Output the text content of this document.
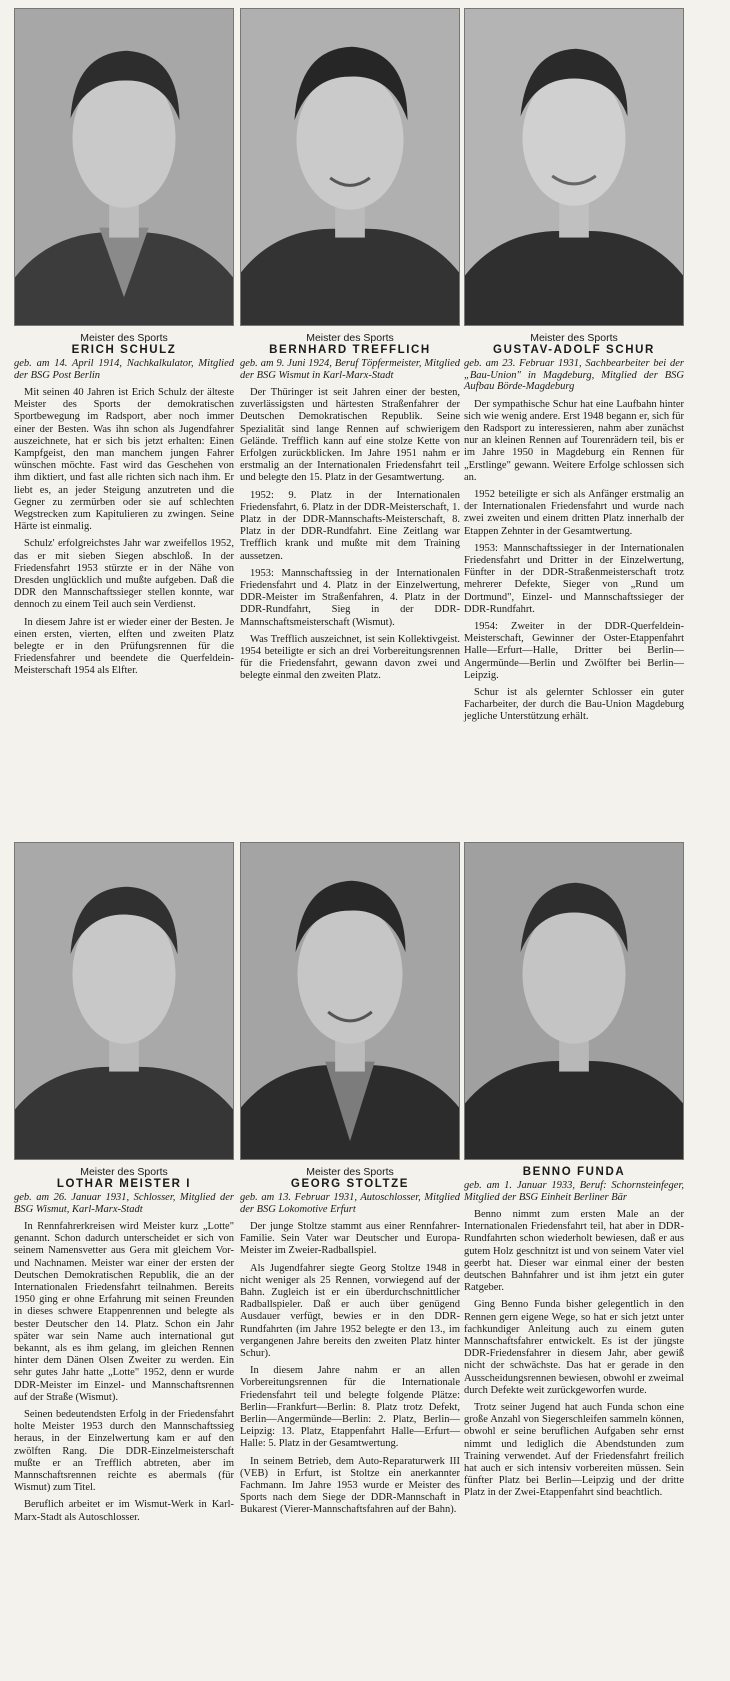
Meister des Sports
ERICH SCHULZ
geb. am 14. April 1914, Nachkalkulator, Mitglied der BSG Post Berlin

Mit seinen 40 Jahren ist Erich Schulz der älteste Meister des Sports der demokratischen Sportbewegung im Radsport, aber noch immer einer der Besten. Was ihn schon als Jugendfahrer auszeichnete, hat er sich bis jetzt erhalten: Einen Kampfgeist, den man manchem jungen Fahrer wünschen möchte. Fast wird das Geschehen von ihm diktiert, und fast alle richten sich nach ihm. Er liebt es, an jeder Steigung anzutreten und die Gegner zu zermürben oder sie auf schlechten Wegstrecken zum Kapitulieren zu zwingen. Seine Härte ist einmalig.

Schulz' erfolgreichstes Jahr war zweifellos 1952, das er mit sieben Siegen abschloß. In der Friedensfahrt 1953 stürzte er in der Nähe von Dresden unglücklich und mußte aufgeben. Daß die DDR den Mannschaftssieger stellen konnte, war dennoch zu einem Teil auch sein Verdienst.

In diesem Jahre ist er wieder einer der Besten. Je einen ersten, vierten, elften und zweiten Platz belegte er in den Prüfungsrennen für die Friedensfahrer und beendete die Querfeldein-Meisterschaft 1954 als Elfter.

Meister des Sports
BERNHARD TREFFLICH
geb. am 9. Juni 1924, Beruf Töpfermeister, Mitglied der BSG Wismut in Karl-Marx-Stadt

Der Thüringer ist seit Jahren einer der besten, zuverlässigsten und härtesten Straßenfahrer der Deutschen Demokratischen Republik. Seine Spezialität sind lange Rennen auf schwierigem Gelände. Trefflich kann auf eine stolze Kette von Erfolgen zurückblicken. Im Jahre 1951 nahm er erstmalig an der Internationalen Friedensfahrt teil und belegte den 15. Platz in der Gesamtwertung.

1952: 9. Platz in der Internationalen Friedensfahrt, 6. Platz in der DDR-Meisterschaft, 1. Platz in der DDR-Mannschafts-Meisterschaft, 8. Platz in der DDR-Rundfahrt. Eine Zeitlang war Trefflich krank und mußte mit dem Training aussetzen.

1953: Mannschaftssieg in der Internationalen Friedensfahrt und 4. Platz in der Einzelwertung, DDR-Meister im Straßenfahren, 4. Platz in der DDR-Rundfahrt, Sieg in der DDR-Mannschaftsmeisterschaft (Wismut).

Was Trefflich auszeichnet, ist sein Kollektivgeist. 1954 beteiligte er sich an drei Vorbereitungsrennen für die Friedensfahrt, gewann davon zwei und belegte einmal den zweiten Platz.

Meister des Sports
GUSTAV-ADOLF SCHUR
geb. am 23. Februar 1931, Sachbearbeiter bei der „Bau-Union" in Magdeburg, Mitglied der BSG Aufbau Börde-Magdeburg

Der sympathische Schur hat eine Laufbahn hinter sich wie wenig andere. Erst 1948 begann er, sich für den Radsport zu interessieren, nahm aber zunächst nur an kleinen Rennen auf Tourenrädern teil, bis er im Jahre 1950 in Magdeburg ein Rennen für „Erstlinge" gewann. Weitere Erfolge schlossen sich an.

1952 beteiligte er sich als Anfänger erstmalig an der Internationalen Friedensfahrt und wurde nach zwei zweiten und einem dritten Platz innerhalb der Etappen Zehnter in der Gesamtwertung.

1953: Mannschaftssieger in der Internationalen Friedensfahrt und Dritter in der Einzelwertung, Fünfter in der DDR-Straßenmeisterschaft trotz mehrerer Defekte, Sieger von „Rund um Dortmund", Einzel- und Mannschaftssieger der DDR-Rundfahrt.

1954: Zweiter in der DDR-Querfeldein-Meisterschaft, Gewinner der Oster-Etappenfahrt Halle—Erfurt—Halle, Dritter bei Berlin—Angermünde—Berlin und Zwölfter bei Berlin—Leipzig.

Schur ist als gelernter Schlosser ein guter Facharbeiter, der durch die Bau-Union Magdeburg jegliche Unterstützung erhält.

Meister des Sports
LOTHAR MEISTER I
geb. am 26. Januar 1931, Schlosser, Mitglied der BSG Wismut, Karl-Marx-Stadt

In Rennfahrerkreisen wird Meister kurz „Lotte" genannt. Schon dadurch unterscheidet er sich von seinem Namensvetter aus Gera mit gleichem Vor- und Nachnamen. Meister war einer der ersten der Deutschen Demokratischen Republik, die an der Internationalen Friedensfahrt teilnahmen. Bereits 1950 ging er ohne Erfahrung mit seinen Freunden in dieses schwere Etappenrennen und belegte als bester Deutscher den 14. Platz. Schon ein Jahr später war sein Name auch international gut bekannt, als es ihm gelang, im gleichen Rennen hinter dem Dänen Olsen Zweiter zu werden. Ein sehr gutes Jahr hatte „Lotte" 1952, denn er wurde DDR-Meister im Einzel- und Mannschaftsrennen auf der Straße (Wismut).

Seinen bedeutendsten Erfolg in der Friedensfahrt holte Meister 1953 durch den Mannschaftssieg heraus, in der Einzelwertung kam er auf den zwölften Rang. Die DDR-Einzelmeisterschaft mußte er an Trefflich abtreten, aber im Mannschaftsrennen reichte es abermals (für Wismut) zum Titel.

Beruflich arbeitet er im Wismut-Werk in Karl-Marx-Stadt als Autoschlosser.

Meister des Sports
GEORG STOLTZE
geb. am 13. Februar 1931, Autoschlosser, Mitglied der BSG Lokomotive Erfurt

Der junge Stoltze stammt aus einer Rennfahrer-Familie. Sein Vater war Deutscher und Europa-Meister im Zweier-Radballspiel.

Als Jugendfahrer siegte Georg Stoltze 1948 in nicht weniger als 25 Rennen, vorwiegend auf der Bahn. Zugleich ist er ein überdurchschnittlicher Radballspieler. Daß er auch über genügend Ausdauer verfügt, bewies er in den DDR-Rundfahrten (im Jahre 1952 belegte er den 13., im vergangenen Jahre bereits den zweiten Platz hinter Schur).

In diesem Jahre nahm er an allen Vorbereitungsrennen für die Internationale Friedensfahrt teil und belegte folgende Plätze: Berlin—Frankfurt—Berlin: 8. Platz trotz Defekt, Berlin—Angermünde—Berlin: 2. Platz, Berlin—Leipzig: 13. Platz, Etappenfahrt Halle—Erfurt—Halle: 5. Platz in der Gesamtwertung.

In seinem Betrieb, dem Auto-Reparaturwerk III (VEB) in Erfurt, ist Stoltze ein anerkannter Fachmann. Im Jahre 1953 wurde er Meister des Sports nach dem Siege der DDR-Mannschaft in Bukarest (Vierer-Mannschaftsfahren auf der Bahn).

BENNO FUNDA
geb. am 1. Januar 1933, Beruf: Schornsteinfeger, Mitglied der BSG Einheit Berliner Bär

Benno nimmt zum ersten Male an der Internationalen Friedensfahrt teil, hat aber in DDR-Rundfahrten schon wiederholt bewiesen, daß er aus gutem Holz geschnitzt ist und von seinem Vater viel geerbt hat. Dieser war einmal einer der besten deutschen Bahnfahrer und ist ihm jetzt ein guter Ratgeber.

Ging Benno Funda bisher gelegentlich in den Rennen gern eigene Wege, so hat er sich jetzt unter fachkundiger Anleitung auch zu einem guten Mannschaftsfahrer entwickelt. Es ist der jüngste DDR-Friedensfahrer in diesem Jahr, aber gewiß nicht der schwächste. Das hat er gerade in den Ausscheidungsrennen bewiesen, obwohl er zweimal durch Defekte weit zurückgeworfen wurde.

Trotz seiner Jugend hat auch Funda schon eine große Anzahl von Siegerschleifen sammeln können, obwohl er seine beruflichen Aufgaben sehr ernst nimmt und lediglich die Abendstunden zum Training verwendet. Auf der Friedensfahrt freilich hat auch er sich intensiv vorbereiten müssen. Sein fünfter Platz bei Berlin—Leipzig und der dritte Platz in der Zwei-Etappenfahrt sind beachtlich.
